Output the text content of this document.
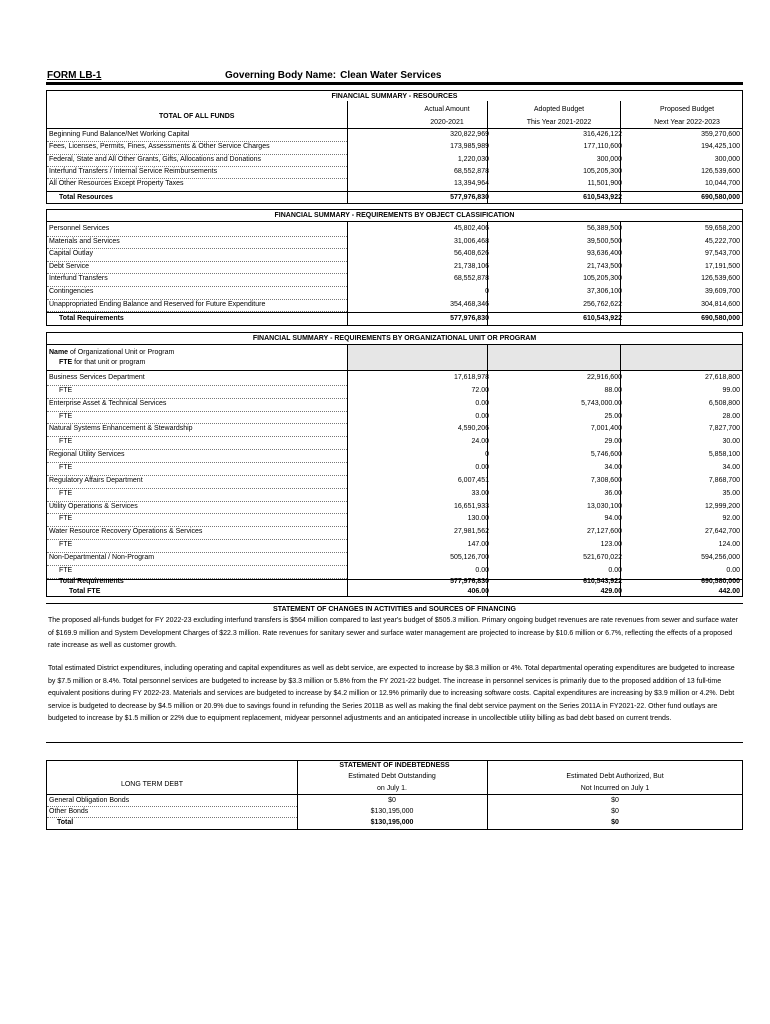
FORM LB-1	Governing Body Name: Clean Water Services
FINANCIAL SUMMARY - RESOURCES
TOTAL OF ALL FUNDS
Actual Amount
2020-2021
Adopted Budget
This Year 2021-2022
Proposed Budget
Next Year 2022-2023
Beginning Fund Balance/Net Working Capital	320,822,969	316,426,122	359,270,600
Fees, Licenses, Permits, Fines, Assessments & Other Service Charges	173,985,989	177,110,600	194,425,100
Federal, State and All Other Grants, Gifts, Allocations and Donations	1,220,030	300,000	300,000
Interfund Transfers / Internal Service Reimbursements	68,552,878	105,205,300	126,539,600
All Other Resources Except Property Taxes	13,394,964	11,501,900	10,044,700
Total Resources	577,976,830	610,543,922	690,580,000
FINANCIAL SUMMARY - REQUIREMENTS BY OBJECT CLASSIFICATION
Personnel Services	45,802,406	56,389,500	59,658,200
Materials and Services	31,006,468	39,500,500	45,222,700
Capital Outlay	56,408,626	93,636,400	97,543,700
Debt Service	21,738,106	21,743,500	17,191,500
Interfund Transfers	68,552,878	105,205,300	126,539,600
Contingencies	0	37,306,100	39,609,700
Unappropriated Ending Balance and Reserved for Future Expenditure	354,468,346	256,762,622	304,814,600
Total Requirements	577,976,830	610,543,922	690,580,000
FINANCIAL SUMMARY - REQUIREMENTS BY ORGANIZATIONAL UNIT OR PROGRAM
Name of Organizational Unit or Program
FTE for that unit or program
Business Services Department	17,618,978	22,916,600	27,618,800
FTE	72.00	88.00	99.00
Enterprise Asset & Technical Services	0.00	5,743,000.00	6,508,800
FTE	0.00	25.00	28.00
Natural Systems Enhancement & Stewardship	4,590,206	7,001,400	7,827,700
FTE	24.00	29.00	30.00
Regional Utility Services	0	5,746,600	5,858,100
FTE	0.00	34.00	34.00
Regulatory Affairs Department	6,007,451	7,308,600	7,868,700
FTE	33.00	36.00	35.00
Utility Operations & Services	16,651,933	13,030,100	12,999,200
FTE	130.00	94.00	92.00
Water Resource Recovery Operations & Services	27,981,562	27,127,600	27,642,700
FTE	147.00	123.00	124.00
Non-Departmental / Non-Program	505,126,700	521,670,022	594,256,000
FTE	0.00	0.00	0.00
Total Requirements	577,976,830	610,543,922	690,580,000
Total FTE	406.00	429.00	442.00
STATEMENT OF CHANGES IN ACTIVITIES and SOURCES OF FINANCING
The proposed all-funds budget for FY 2022-23 excluding interfund transfers is $564 million compared to last year's budget of $505.3 million. Primary ongoing budget revenues are rate revenues from sewer and surface water of $169.9 million and System Development Charges of $22.3 million. Rate revenues for sanitary sewer and surface water management are projected to increase by $10.6 million or 6.7%, reflecting the effects of a proposed rate increase as well as customer growth.
Total estimated District expenditures, including operating and capital expenditures as well as debt service, are expected to increase by $8.3 million or 4%. Total departmental operating expenditures are budgeted to increase by $7.5 million or 8.4%. Total personnel services are budgeted to increase by $3.3 million or 5.8% from the FY 2021-22 budget. The increase in personnel services is primarily due to the proposed addition of 13 full-time equivalent positions during FY 2022-23. Materials and services are budgeted to increase by $4.2 million or 12.9% primarily due to increasing software costs. Capital expenditures are increasing by $3.9 million or 4.2%. Debt service is budgeted to decrease by $4.5 million or 20.9% due to savings found in refunding the Series 2011B as well as making the final debt service payment on the Series 2011A in FY2021-22. Other fund outlays are budgeted to increase by $1.5 million or 22% due to equipment replacement, midyear personnel adjustments and an anticipated increase in uncollectible utility billing as bad debt based on current trends.
STATEMENT OF INDEBTEDNESS
LONG TERM DEBT
Estimated Debt Outstanding
on July 1.
Estimated Debt Authorized, But
Not Incurred on July 1
General Obligation Bonds	$0	$0
Other Bonds	$130,195,000	$0
Total	$130,195,000	$0
